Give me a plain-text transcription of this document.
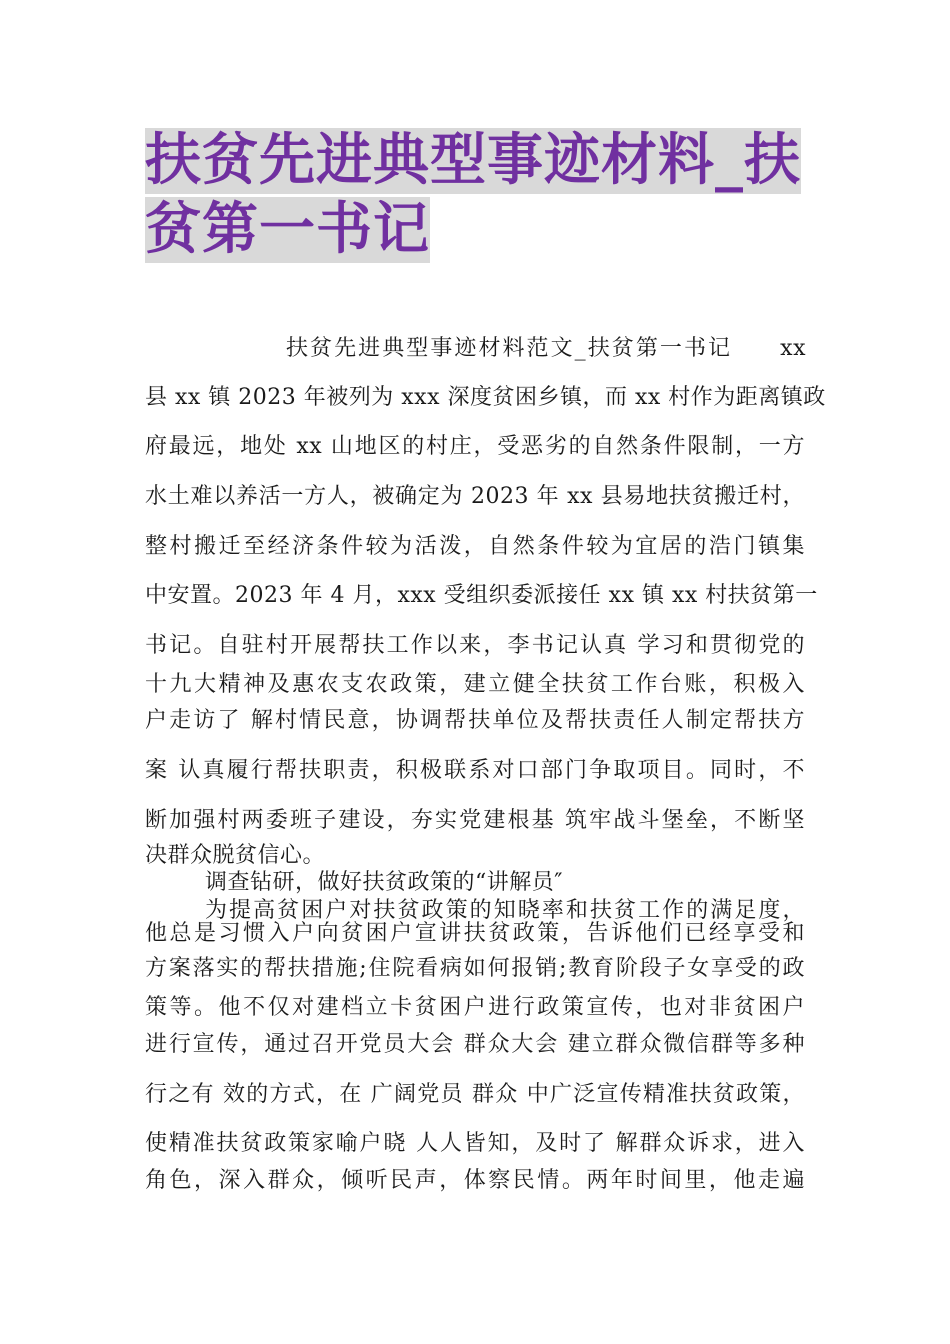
扶贫先进典型事迹材料_扶
贫第一书记
扶贫先进典型事迹材料范文_扶贫第一书记　　xx
县 xx 镇 2023 年被列为 xxx 深度贫困乡镇，而 xx 村作为距离镇政
府最远，地处 xx 山地区的村庄，受恶劣的自然条件限制，一方
水土难以养活一方人，被确定为 2023 年 xx 县易地扶贫搬迁村，
整村搬迁至经济条件较为活泼，自然条件较为宜居的浩门镇集
中安置。2023 年 4 月，xxx 受组织委派接任 xx 镇 xx 村扶贫第一
书记。自驻村开展帮扶工作以来，李书记认真 学习和贯彻党的
十九大精神及惠农支农政策，建立健全扶贫工作台账，积极入
户走访了 解村情民意，协调帮扶单位及帮扶责任人制定帮扶方
案 认真履行帮扶职责，积极联系对口部门争取项目。同时，不
断加强村两委班子建设，夯实党建根基 筑牢战斗堡垒，不断坚
决群众脱贫信心。
调查钻研，做好扶贫政策的“讲解员″
为提高贫困户对扶贫政策的知晓率和扶贫工作的满足度，
他总是习惯入户向贫困户宣讲扶贫政策，告诉他们已经享受和
方案落实的帮扶措施;住院看病如何报销;教育阶段子女享受的政
策等。他不仅对建档立卡贫困户进行政策宣传，也对非贫困户
进行宣传，通过召开党员大会 群众大会 建立群众微信群等多种
行之有 效的方式，在 广阔党员 群众 中广泛宣传精准扶贫政策，
使精准扶贫政策家喻户晓 人人皆知，及时了 解群众诉求，进入
角色，深入群众，倾听民声，体察民情。两年时间里，他走遍
